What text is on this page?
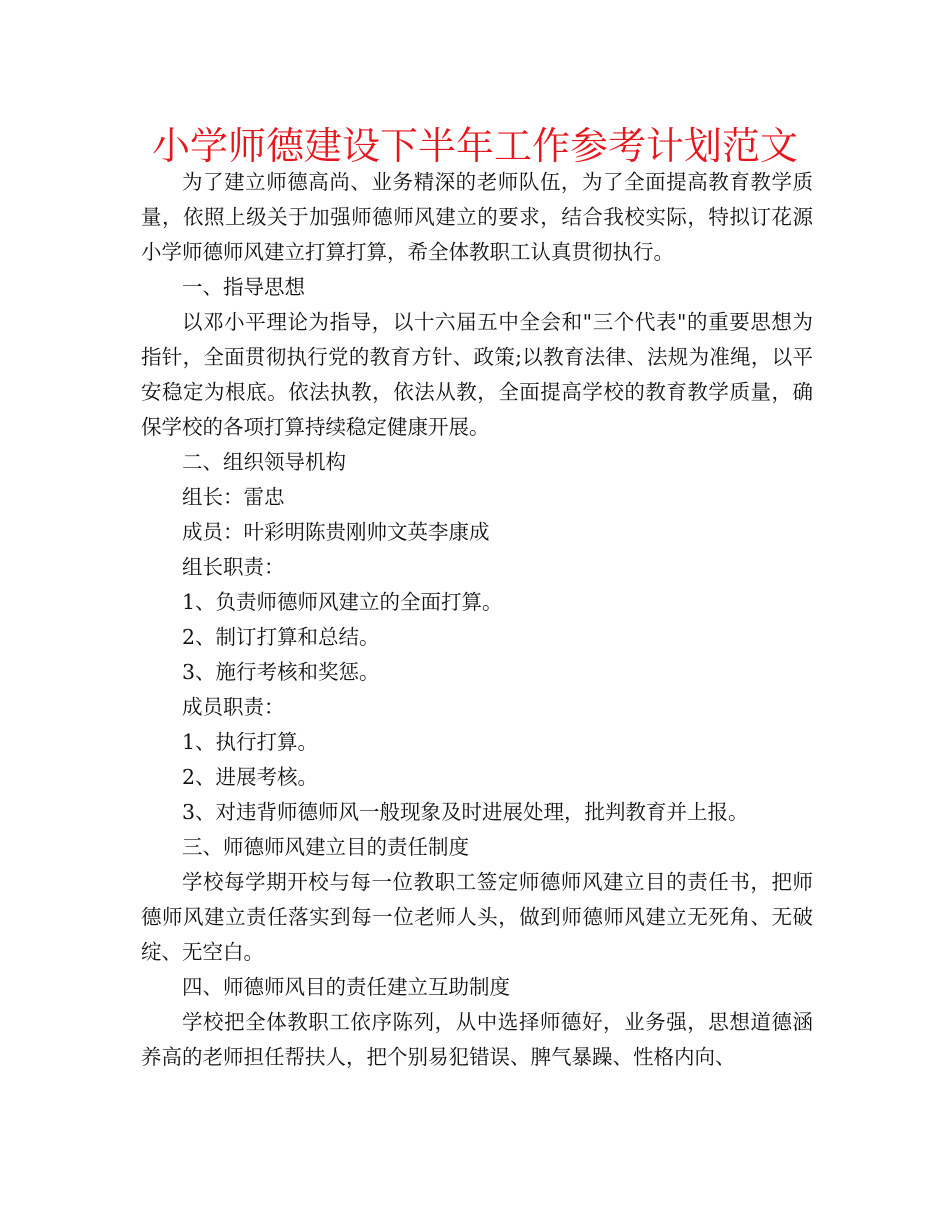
小学师德建设下半年工作参考计划范文

为了建立师德高尚、业务精深的老师队伍，为了全面提高教育教学质量，依照上级关于加强师德师风建立的要求，结合我校实际，特拟订花源小学师德师风建立打算打算，希全体教职工认真贯彻执行。

一、指导思想

以邓小平理论为指导，以十六届五中全会和"三个代表"的重要思想为指针，全面贯彻执行党的教育方针、政策;以教育法律、法规为准绳，以平安稳定为根底。依法执教，依法从教，全面提高学校的教育教学质量，确保学校的各项打算持续稳定健康开展。

二、组织领导机构

组长：雷忠

成员：叶彩明陈贵刚帅文英李康成

组长职责：

1、负责师德师风建立的全面打算。

2、制订打算和总结。

3、施行考核和奖惩。

成员职责：

1、执行打算。

2、进展考核。

3、对违背师德师风一般现象及时进展处理，批判教育并上报。

三、师德师风建立目的责任制度

学校每学期开校与每一位教职工签定师德师风建立目的责任书，把师德师风建立责任落实到每一位老师人头，做到师德师风建立无死角、无破绽、无空白。

四、师德师风目的责任建立互助制度

学校把全体教职工依序陈列，从中选择师德好，业务强，思想道德涵养高的老师担任帮扶人，把个别易犯错误、脾气暴躁、性格内向、
